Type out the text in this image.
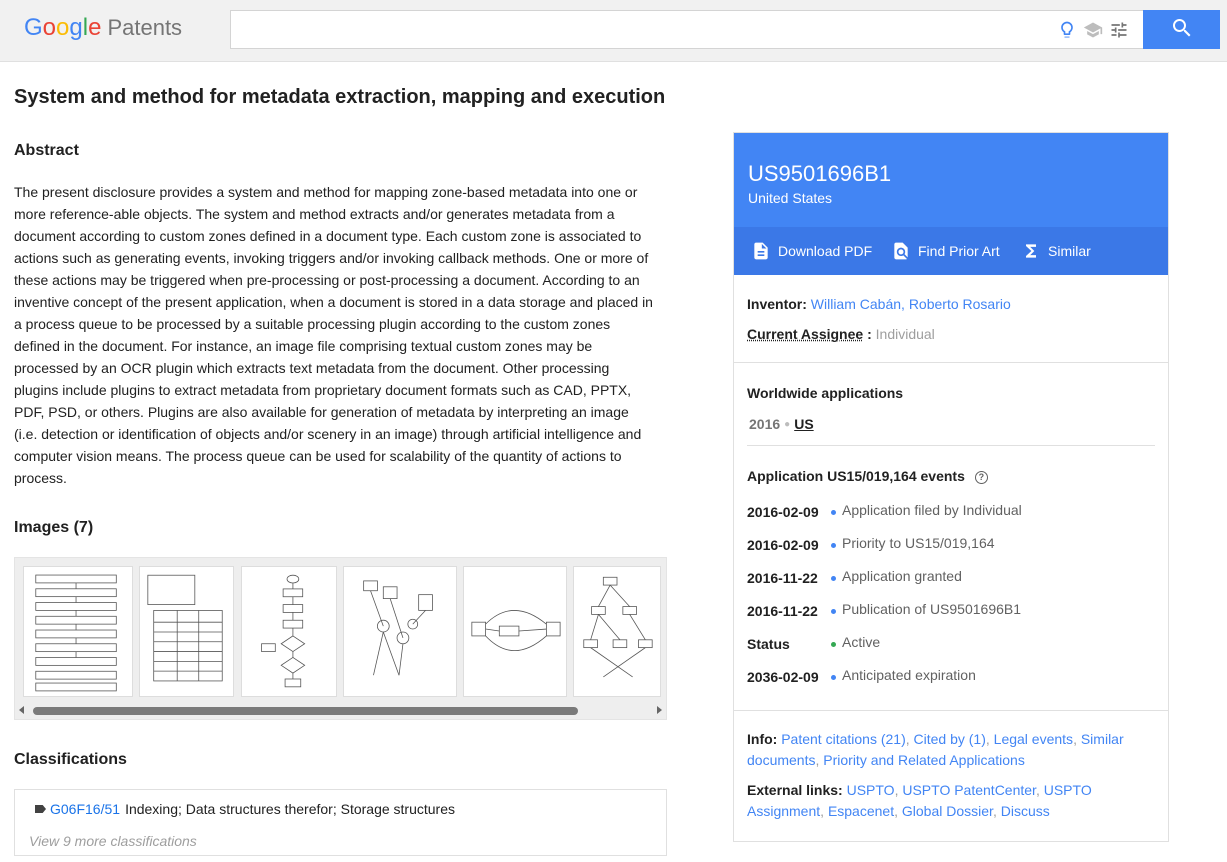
Google Patents
System and method for metadata extraction, mapping and execution
Abstract
The present disclosure provides a system and method for mapping zone-based metadata into one or more reference-able objects. The system and method extracts and/or generates metadata from a document according to custom zones defined in a document type. Each custom zone is associated to actions such as generating events, invoking triggers and/or invoking callback methods. One or more of these actions may be triggered when pre-processing or post-processing a document. According to an inventive concept of the present application, when a document is stored in a data storage and placed in a process queue to be processed by a suitable processing plugin according to the custom zones defined in the document. For instance, an image file comprising textual custom zones may be processed by an OCR plugin which extracts text metadata from the document. Other processing plugins include plugins to extract metadata from proprietary document formats such as CAD, PPTX, PDF, PSD, or others. Plugins are also available for generation of metadata by interpreting an image (i.e. detection or identification of objects and/or scenery in an image) through artificial intelligence and computer vision means. The process queue can be used for scalability of the quantity of actions to process.
Images (7)
Classifications
G06F16/51 Indexing; Data structures therefor; Storage structures
View 9 more classifications
US9501696B1
United States
Download PDF	Find Prior Art	Similar
Inventor: William Cabán, Roberto Rosario
Current Assignee : Individual
Worldwide applications
2016 ● US
Application US15/019,164 events ?
2016-02-09 Application filed by Individual
2016-02-09 Priority to US15/019,164
2016-11-22 Application granted
2016-11-22 Publication of US9501696B1
Status	Active
2036-02-09 Anticipated expiration
Info: Patent citations (21), Cited by (1), Legal events, Similar documents, Priority and Related Applications
External links: USPTO, USPTO PatentCenter, USPTO Assignment, Espacenet, Global Dossier, Discuss
